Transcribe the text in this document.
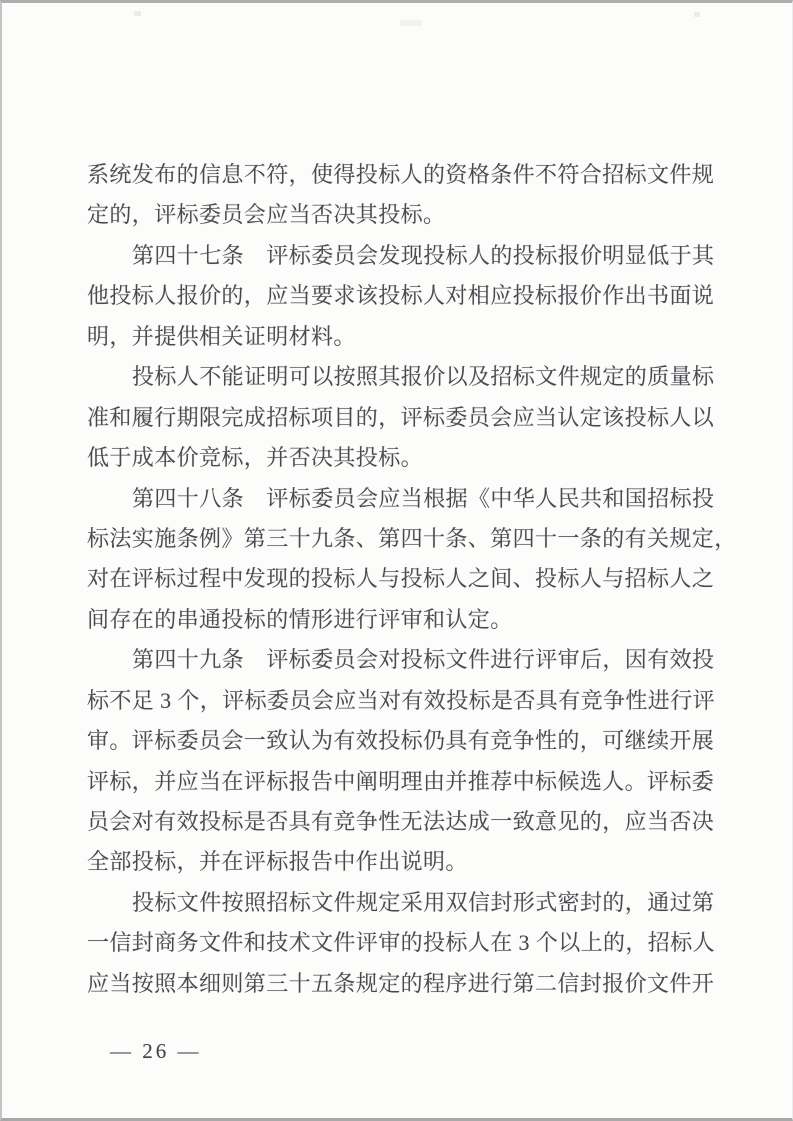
系统发布的信息不符，使得投标人的资格条件不符合招标文件规
定的，评标委员会应当否决其投标。
第四十七条　评标委员会发现投标人的投标报价明显低于其
他投标人报价的，应当要求该投标人对相应投标报价作出书面说
明，并提供相关证明材料。
投标人不能证明可以按照其报价以及招标文件规定的质量标
准和履行期限完成招标项目的，评标委员会应当认定该投标人以
低于成本价竞标，并否决其投标。
第四十八条　评标委员会应当根据《中华人民共和国招标投
标法实施条例》第三十九条、第四十条、第四十一条的有关规定，
对在评标过程中发现的投标人与投标人之间、投标人与招标人之
间存在的串通投标的情形进行评审和认定。
第四十九条　评标委员会对投标文件进行评审后，因有效投
标不足 3 个，评标委员会应当对有效投标是否具有竞争性进行评
审。评标委员会一致认为有效投标仍具有竞争性的，可继续开展
评标，并应当在评标报告中阐明理由并推荐中标候选人。评标委
员会对有效投标是否具有竞争性无法达成一致意见的，应当否决
全部投标，并在评标报告中作出说明。
投标文件按照招标文件规定采用双信封形式密封的，通过第
一信封商务文件和技术文件评审的投标人在 3 个以上的，招标人
应当按照本细则第三十五条规定的程序进行第二信封报价文件开
— 26 —
